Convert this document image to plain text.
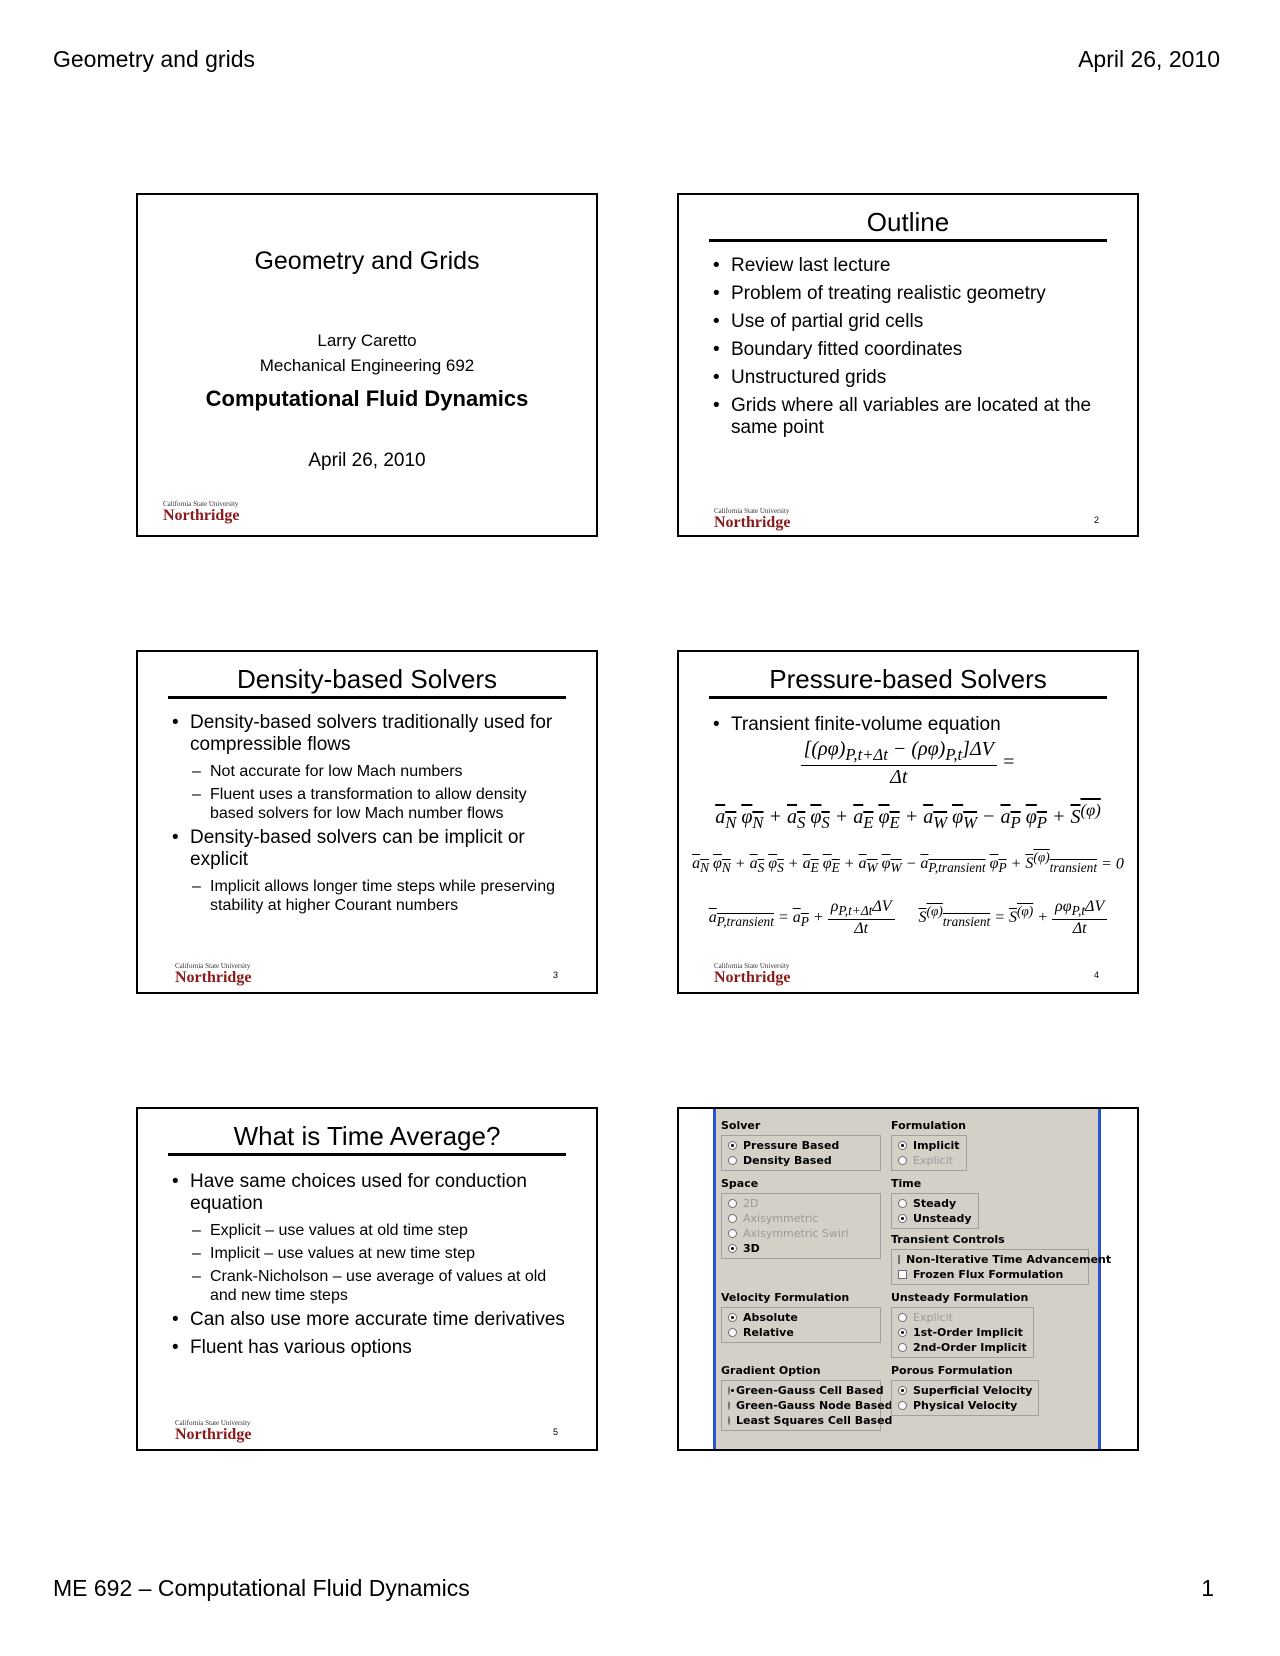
Geometry and grids	April 26, 2010
Geometry and Grids
Larry Caretto
Mechanical Engineering 692
Computational Fluid Dynamics
April 26, 2010
California State University
Northridge
Outline
• Review last lecture
• Problem of treating realistic geometry
• Use of partial grid cells
• Boundary fitted coordinates
• Unstructured grids
• Grids where all variables are located at the same point
California State University
Northridge	2
Density-based Solvers
• Density-based solvers traditionally used for compressible flows
– Not accurate for low Mach numbers
– Fluent uses a transformation to allow density based solvers for low Mach number flows
• Density-based solvers can be implicit or explicit
– Implicit allows longer time steps while preserving stability at higher Courant numbers
California State University
Northridge	3
Pressure-based Solvers
• Transient finite-volume equation
$\frac{[(\rho\varphi)_{P,t+\Delta t} - (\rho\varphi)_{P,t}]\Delta V}{\Delta t}$ =
$a_N$ $\varphi_N + a_S$ $\varphi_S + a_E$ $\varphi_E + a_W$ $\varphi_W - a_P$ $\varphi_P + S^{(\varphi)}$
$a_N$ $\varphi_N + a_S$ $\varphi_S + a_E$ $\varphi_E + a_W$ $\varphi_W - a_{P,transient}$ $\varphi_P + S^{(\varphi)}_{transient} = 0$
$a_{P,transient} = a_P + \frac{\rho_{P,t+\Delta t}\Delta V}{\Delta t} S^{(\varphi)}_{transient} = S^{(\varphi)} + \frac{\rho\varphi_{P,t}\Delta V}{\Delta t}$
California State University
Northridge	4
What is Time Average?
• Have same choices used for conduction equation
– Explicit – use values at old time step
– Implicit – use values at new time step
– Crank-Nicholson – use average of values at old and new time steps
• Can also use more accurate time derivatives
• Fluent has various options
California State University
Northridge	5
Solver
Pressure Based
Density Based
Formulation
Implicit
Explicit
Space
2D
Axisymmetric
Axisymmetric Swirl
3D
Time
Steady
Unsteady
Transient Controls
Non-Iterative Time Advancement
Frozen Flux Formulation
Velocity Formulation
Absolute
Relative
Unsteady Formulation
Explicit
1st-Order Implicit
2nd-Order Implicit
Gradient Option
Green-Gauss Cell Based
Green-Gauss Node Based
Least Squares Cell Based
Porous Formulation
Superficial Velocity
Physical Velocity
ME 692 – Computational Fluid Dynamics	1
